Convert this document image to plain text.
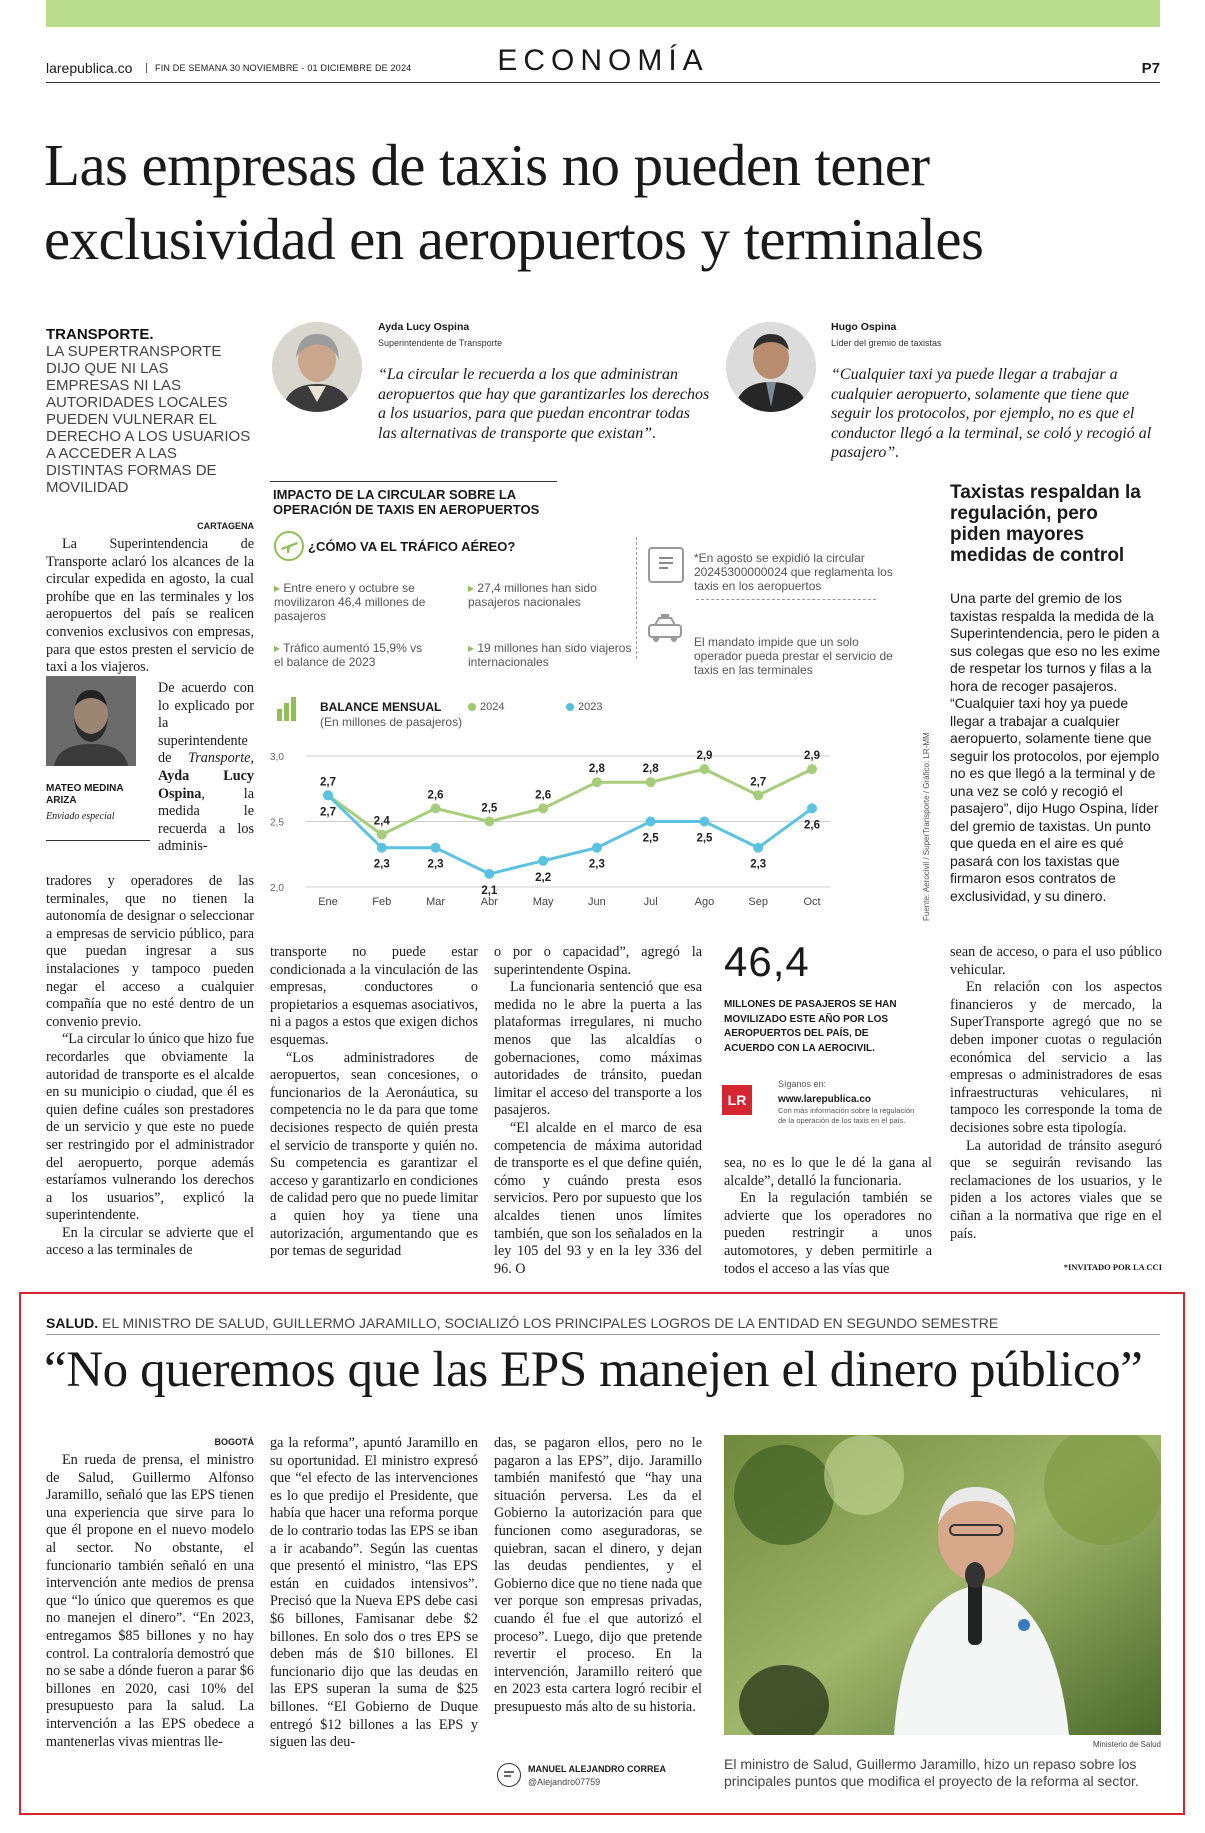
larepublica.co	FIN DE SEMANA 30 NOVIEMBRE - 01 DICIEMBRE DE 2024	ECONOMÍA	P7
Las empresas de taxis no pueden tener exclusividad en aeropuertos y terminales
TRANSPORTE.
LA SUPERTRANSPORTE DIJO QUE NI LAS EMPRESAS NI LAS AUTORIDADES LOCALES PUEDEN VULNERAR EL DERECHO A LOS USUARIOS A ACCEDER A LAS DISTINTAS FORMAS DE MOVILIDAD
Ayda Lucy Ospina
Superintendente de Transporte
“La circular le recuerda a los que administran aeropuertos que hay que garantizarles los derechos a los usuarios, para que puedan encontrar todas las alternativas de transporte que existan”.
Hugo Ospina
Líder del gremio de taxistas
“Cualquier taxi ya puede llegar a trabajar a cualquier aeropuerto, solamente que tiene que seguir los protocolos, por ejemplo, no es que el conductor llegó a la terminal, se coló y recogió al pasajero”.
CARTAGENA

La Superintendencia de Transporte aclaró los alcances de la circular expedida en agosto, la cual prohíbe que en las terminales y los aeropuertos del país se realicen convenios exclusivos con empresas, para que estos presten el servicio de taxi a los viajeros.

MATEO MEDINA ARIZA
Enviado especial

De acuerdo con lo explicado por la superintendente de Transporte, Ayda Lucy Ospina, la medida le recuerda a los adminis-

tradores y operadores de las terminales, que no tienen la autonomía de designar o seleccionar a empresas de servicio público, para que puedan ingresar a sus instalaciones y tampoco pueden negar el acceso a cualquier compañía que no esté dentro de un convenio previo.

“La circular lo único que hizo fue recordarles que obviamente la autoridad de transporte es el alcalde en su municipio o ciudad, que él es quien define cuáles son prestadores de un servicio y que este no puede ser restringido por el administrador del aeropuerto, porque además estaríamos vulnerando los derechos a los usuarios”, explicó la superintendente.

En la circular se advierte que el acceso a las terminales de

IMPACTO DE LA CIRCULAR SOBRE LA OPERACIÓN DE TAXIS EN AEROPUERTOS
¿CÓMO VA EL TRÁFICO AÉREO?
▸ Entre enero y octubre se movilizaron 46,4 millones de pasajeros
▸ Tráfico aumentó 15,9% vs el balance de 2023
▸ 27,4 millones han sido pasajeros nacionales
▸ 19 millones han sido viajeros internacionales
*En agosto se expidió la circular 20245300000024 que reglamenta los taxis en los aeropuertos
El mandato impide que un solo operador pueda prestar el servicio de taxis en las terminales
BALANCE MENSUAL
(En millones de pasajeros)
2024	2023
3,0
2,5
2,0
Ene	Feb	Mar	Abr	May	Jun	Jul	Ago	Sep	Oct
2,7
2,4
2,6
2,5
2,6
2,8	2,8
2,9
2,7
2,9
2,7
2,3	2,3
2,1
2,2
2,3
2,5	2,5
2,3
2,6	Fuente: Aerocivil / SuperTransporte / Gráfico: LR-MM

transporte no puede estar condicionada a la vinculación de las empresas, conductores o propietarios a esquemas asociativos, ni a pagos a estos que exigen dichos esquemas.

“Los administradores de aeropuertos, sean concesiones, o funcionarios de la Aeronáutica, su competencia no le da para que tome decisiones respecto de quién presta el servicio de transporte y quién no. Su competencia es garantizar el acceso y garantizarlo en condiciones de calidad pero que no puede limitar a quien hoy ya tiene una autorización, argumentando que es por temas de seguridad

o por o capacidad”, agregó la superintendente Ospina.

La funcionaria sentenció que esa medida no le abre la puerta a las plataformas irregulares, ni mucho menos que las alcaldías o gobernaciones, como máximas autoridades de tránsito, puedan limitar el acceso del transporte a los pasajeros.

“El alcalde en el marco de esa competencia de máxima autoridad de transporte es el que define quién, cómo y cuándo presta esos servicios. Pero por supuesto que los alcaldes tienen unos límites también, que son los señalados en la ley 105 del 93 y en la ley 336 del 96. O

46,4
MILLONES DE PASAJEROS SE HAN MOVILIZADO ESTE AÑO POR LOS AEROPUERTOS DEL PAÍS, DE ACUERDO CON LA AEROCIVIL.
LR
Síganos en:
www.larepublica.co
Con más información sobre la regulación de la operación de los taxis en el país.

sea, no es lo que le dé la gana al alcalde”, detalló la funcionaria.

En la regulación también se advierte que los operadores no pueden restringir a unos automotores, y deben permitirle a todos el acceso a las vías que

Taxistas respaldan la regulación, pero piden mayores medidas de control
Una parte del gremio de los taxistas respalda la medida de la Superintendencia, pero le piden a sus colegas que eso no les exime de respetar los turnos y filas a la hora de recoger pasajeros. “Cualquier taxi hoy ya puede llegar a trabajar a cualquier aeropuerto, solamente tiene que seguir los protocolos, por ejemplo no es que llegó a la terminal y de una vez se coló y recogió el pasajero”, dijo Hugo Ospina, líder del gremio de taxistas. Un punto que queda en el aire es qué pasará con los taxistas que firmaron esos contratos de exclusividad, y su dinero.

sean de acceso, o para el uso público vehicular.

En relación con los aspectos financieros y de mercado, la SuperTransporte agregó que no se deben imponer cuotas o regulación económica del servicio a las empresas o administradores de esas infraestructuras vehiculares, ni tampoco les corresponde la toma de decisiones sobre esta tipología.

La autoridad de tránsito aseguró que se seguirán revisando las reclamaciones de los usuarios, y le piden a los actores viales que se ciñan a la normativa que rige en el país.

*INVITADO POR LA CCI
SALUD. EL MINISTRO DE SALUD, GUILLERMO JARAMILLO, SOCIALIZÓ LOS PRINCIPALES LOGROS DE LA ENTIDAD EN SEGUNDO SEMESTRE
“No queremos que las EPS manejen el dinero público”
BOGOTÁ

En rueda de prensa, el ministro de Salud, Guillermo Alfonso Jaramillo, señaló que las EPS tienen una experiencia que sirve para lo que él propone en el nuevo modelo al sector. No obstante, el funcionario también señaló en una intervención ante medios de prensa que “lo único que queremos es que no manejen el dinero”. “En 2023, entregamos $85 billones y no hay control. La contraloría demostró que no se sabe a dónde fueron a parar $6 billones en 2020, casi 10% del presupuesto para la salud. La intervención a las EPS obedece a mantenerlas vivas mientras lle-

ga la reforma”, apuntó Jaramillo en su oportunidad. El ministro expresó que “el efecto de las intervenciones es lo que predijo el Presidente, que había que hacer una reforma porque de lo contrario todas las EPS se iban a ir acabando”. Según las cuentas que presentó el ministro, “las EPS están en cuidados intensivos”. Precisó que la Nueva EPS debe casi $6 billones, Famisanar debe $2 billones. En solo dos o tres EPS se deben más de $10 billones. El funcionario dijo que las deudas en las EPS superan la suma de $25 billones. “El Gobierno de Duque entregó $12 billones a las EPS y siguen las deu-

das, se pagaron ellos, pero no le pagaron a las EPS”, dijo. Jaramillo también manifestó que “hay una situación perversa. Les da el Gobierno la autorización para que funcionen como aseguradoras, se quiebran, sacan el dinero, y dejan las deudas pendientes, y el Gobierno dice que no tiene nada que ver porque son empresas privadas, cuando él fue el que autorizó el proceso”. Luego, dijo que pretende revertir el proceso. En la intervención, Jaramillo reiteró que en 2023 esta cartera logró recibir el presupuesto más alto de su historia.

MANUEL ALEJANDRO CORREA
@Alejandro07759
Ministerio de Salud
El ministro de Salud, Guillermo Jaramillo, hizo un repaso sobre los principales puntos que modifica el proyecto de la reforma al sector.
